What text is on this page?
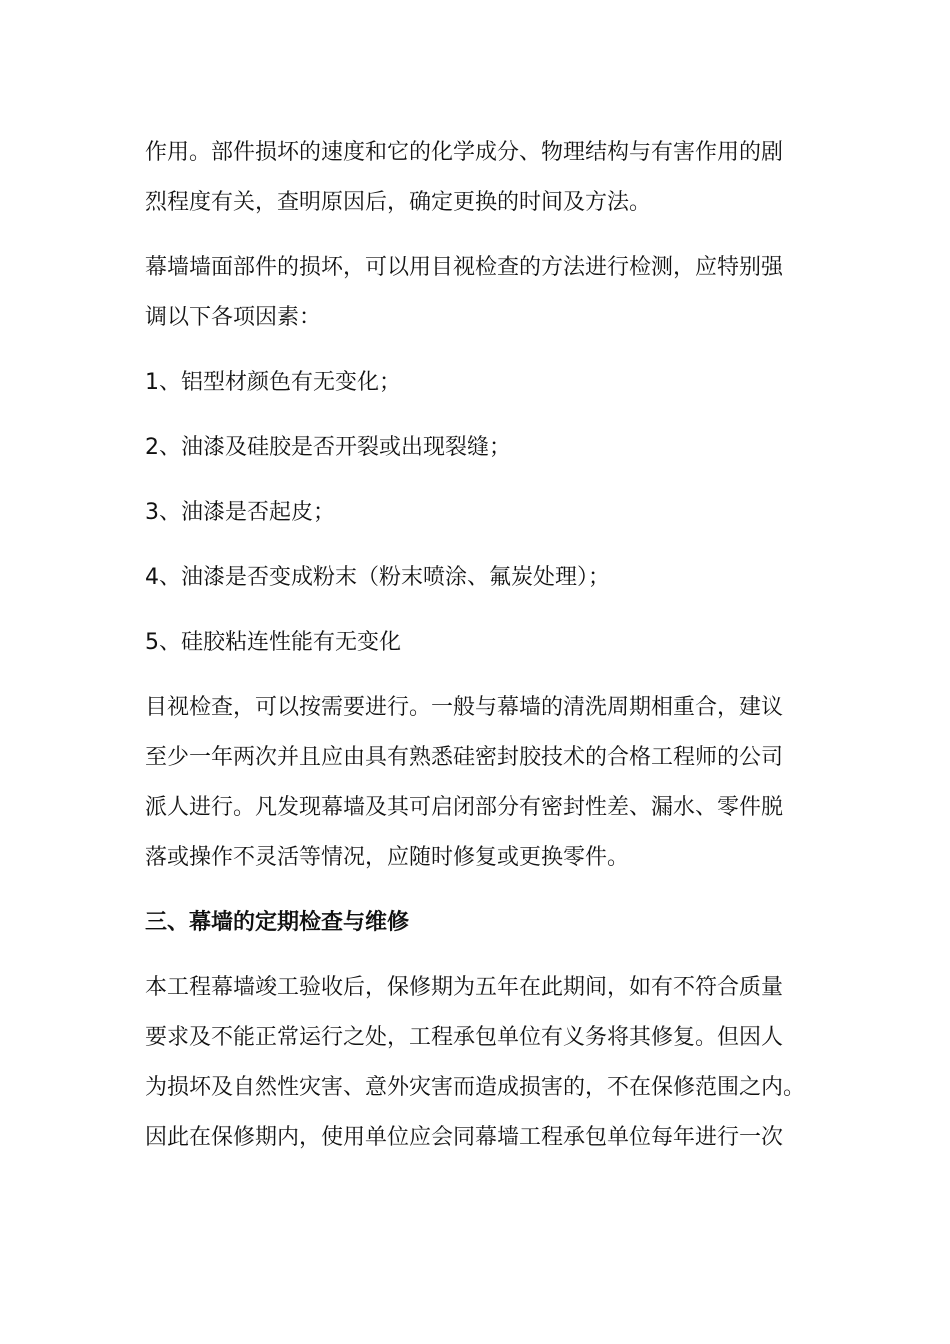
作用。部件损坏的速度和它的化学成分、物理结构与有害作用的剧
烈程度有关，查明原因后，确定更换的时间及方法。
幕墙墙面部件的损坏，可以用目视检查的方法进行检测，应特别强
调以下各项因素：
1、铝型材颜色有无变化；
2、油漆及硅胶是否开裂或出现裂缝；
3、油漆是否起皮；
4、油漆是否变成粉末（粉末喷涂、氟炭处理）；
5、硅胶粘连性能有无变化
目视检查，可以按需要进行。一般与幕墙的清洗周期相重合，建议
至少一年两次并且应由具有熟悉硅密封胶技术的合格工程师的公司
派人进行。凡发现幕墙及其可启闭部分有密封性差、漏水、零件脱
落或操作不灵活等情况，应随时修复或更换零件。
三、幕墙的定期检查与维修
本工程幕墙竣工验收后，保修期为五年在此期间，如有不符合质量
要求及不能正常运行之处，工程承包单位有义务将其修复。但因人
为损坏及自然性灾害、意外灾害而造成损害的，不在保修范围之内。
因此在保修期内，使用单位应会同幕墙工程承包单位每年进行一次
